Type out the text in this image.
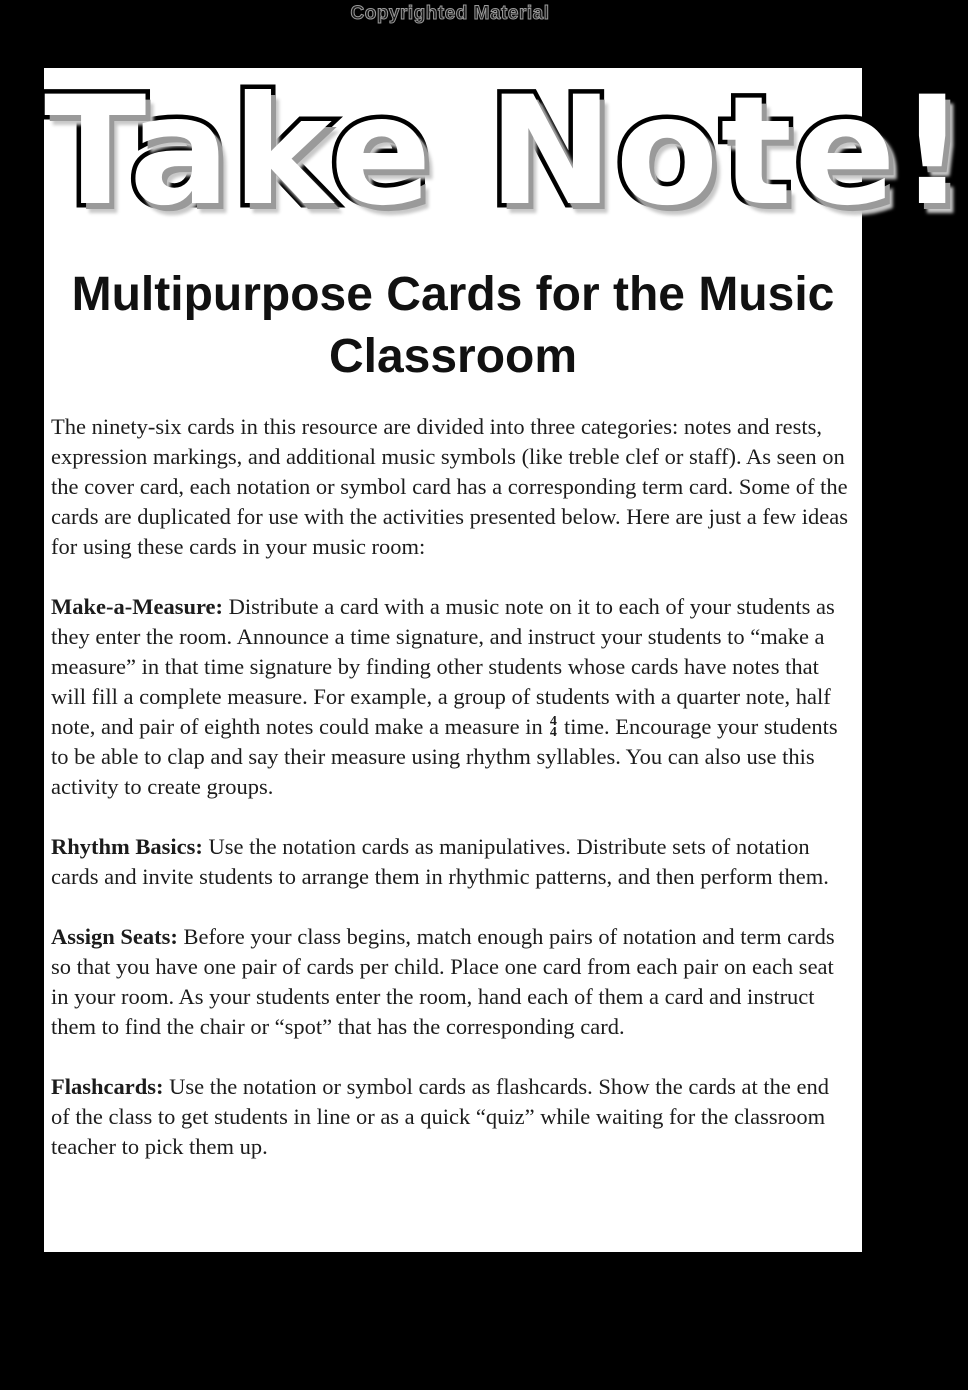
Copyrighted Material
Take Note!
Multipurpose Cards for the Music Classroom

The ninety-six cards in this resource are divided into three categories: notes and rests, expression markings, and additional music symbols (like treble clef or staff). As seen on the cover card, each notation or symbol card has a corresponding term card. Some of the cards are duplicated for use with the activities presented below. Here are just a few ideas for using these cards in your music room:

Make-a-Measure: Distribute a card with a music note on it to each of your students as they enter the room. Announce a time signature, and instruct your students to “make a measure” in that time signature by finding other students whose cards have notes that will fill a complete measure. For example, a group of students with a quarter note, half note, and pair of eighth notes could make a measure in 4
4 time. Encourage your students to be able to clap and say their measure using rhythm syllables. You can also use this activity to create groups.

Rhythm Basics: Use the notation cards as manipulatives. Distribute sets of notation cards and invite students to arrange them in rhythmic patterns, and then perform them.

Assign Seats: Before your class begins, match enough pairs of notation and term cards so that you have one pair of cards per child. Place one card from each pair on each seat in your room. As your students enter the room, hand each of them a card and instruct them to find the chair or “spot” that has the corresponding card.

Flashcards: Use the notation or symbol cards as flashcards. Show the cards at the end of the class to get students in line or as a quick “quiz” while waiting for the classroom teacher to pick them up.
